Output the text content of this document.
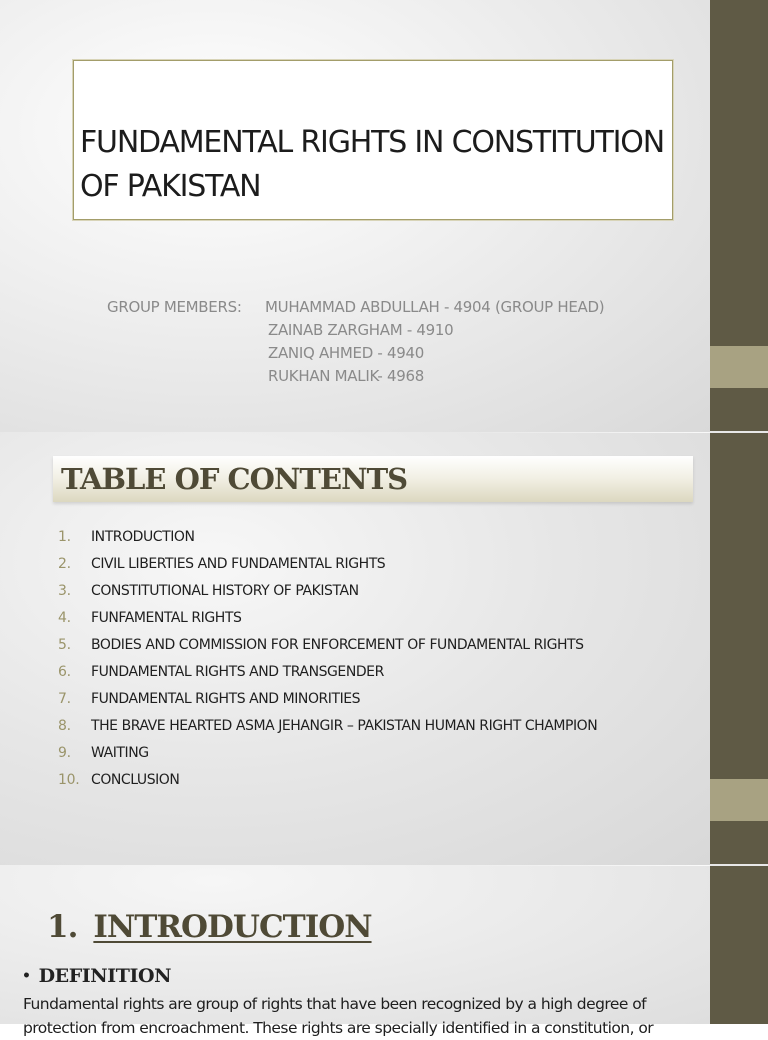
FUNDAMENTAL RIGHTS IN CONSTITUTION OF PAKISTAN
GROUP MEMBERS:	MUHAMMAD ABDULLAH - 4904 (GROUP HEAD)
ZAINAB ZARGHAM - 4910
ZANIQ AHMED - 4940
RUKHAN MALIK- 4968
TABLE OF CONTENTS
1.	INTRODUCTION
2.	CIVIL LIBERTIES AND FUNDAMENTAL RIGHTS
3.	CONSTITUTIONAL HISTORY OF PAKISTAN
4.	FUNFAMENTAL RIGHTS
5.	BODIES AND COMMISSION FOR ENFORCEMENT OF FUNDAMENTAL RIGHTS
6.	FUNDAMENTAL RIGHTS AND TRANSGENDER
7.	FUNDAMENTAL RIGHTS AND MINORITIES
8.	THE BRAVE HEARTED ASMA JEHANGIR – PAKISTAN HUMAN RIGHT CHAMPION
9.	WAITING
10. CONCLUSION
1. INTRODUCTION
• DEFINITION

Fundamental rights are group of rights that have been recognized by a high degree of protection from encroachment. These rights are specially identified in a constitution, or
